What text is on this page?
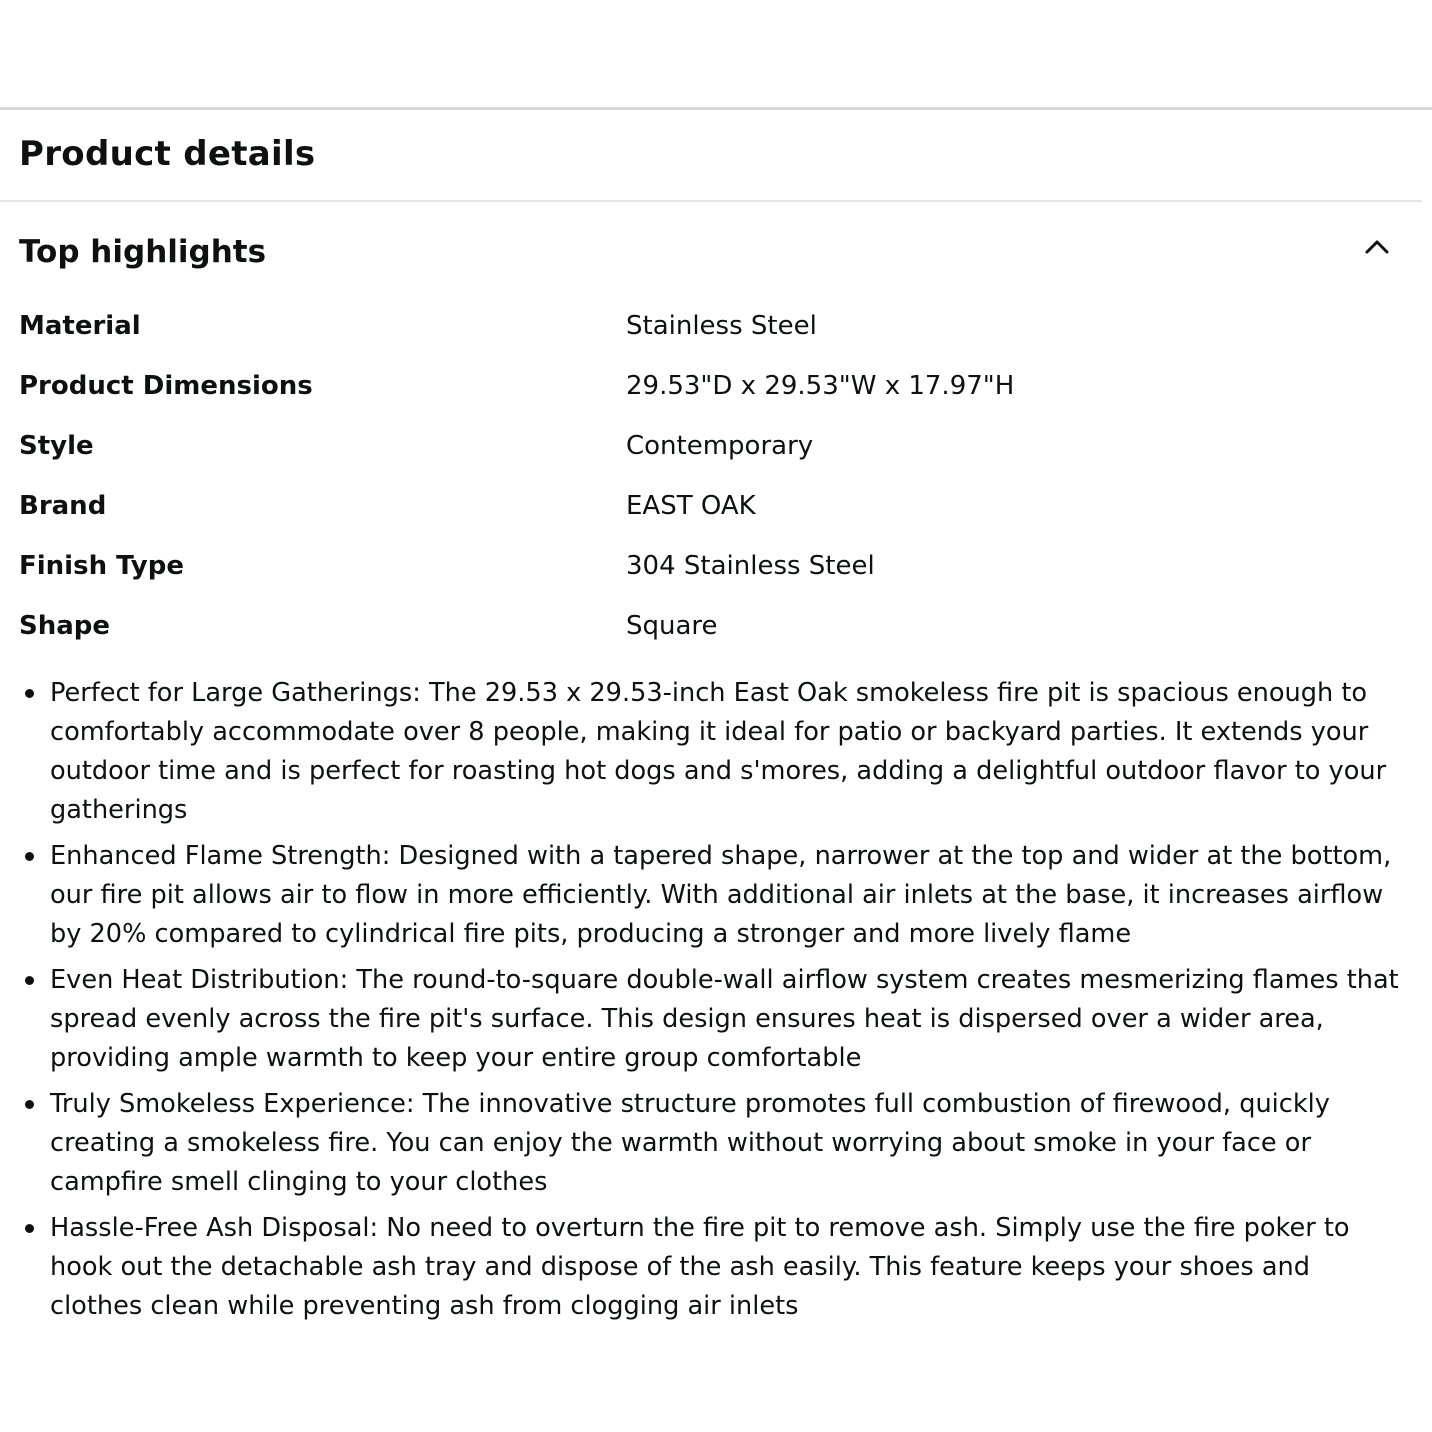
Product details
Top highlights
Material	Stainless Steel
Product Dimensions	29.53"D x 29.53"W x 17.97"H
Style	Contemporary
Brand	EAST OAK
Finish Type	304 Stainless Steel
Shape	Square
Perfect for Large Gatherings: The 29.53 x 29.53-inch East Oak smokeless fire pit is spacious enough to comfortably accommodate over 8 people, making it ideal for patio or backyard parties. It extends your outdoor time and is perfect for roasting hot dogs and s'mores, adding a delightful outdoor flavor to your gatherings
Enhanced Flame Strength: Designed with a tapered shape, narrower at the top and wider at the bottom, our fire pit allows air to flow in more efficiently. With additional air inlets at the base, it increases airflow by 20% compared to cylindrical fire pits, producing a stronger and more lively flame
Even Heat Distribution: The round-to-square double-wall airflow system creates mesmerizing flames that spread evenly across the fire pit's surface. This design ensures heat is dispersed over a wider area, providing ample warmth to keep your entire group comfortable
Truly Smokeless Experience: The innovative structure promotes full combustion of firewood, quickly creating a smokeless fire. You can enjoy the warmth without worrying about smoke in your face or campfire smell clinging to your clothes
Hassle-Free Ash Disposal: No need to overturn the fire pit to remove ash. Simply use the fire poker to hook out the detachable ash tray and dispose of the ash easily. This feature keeps your shoes and clothes clean while preventing ash from clogging air inlets
